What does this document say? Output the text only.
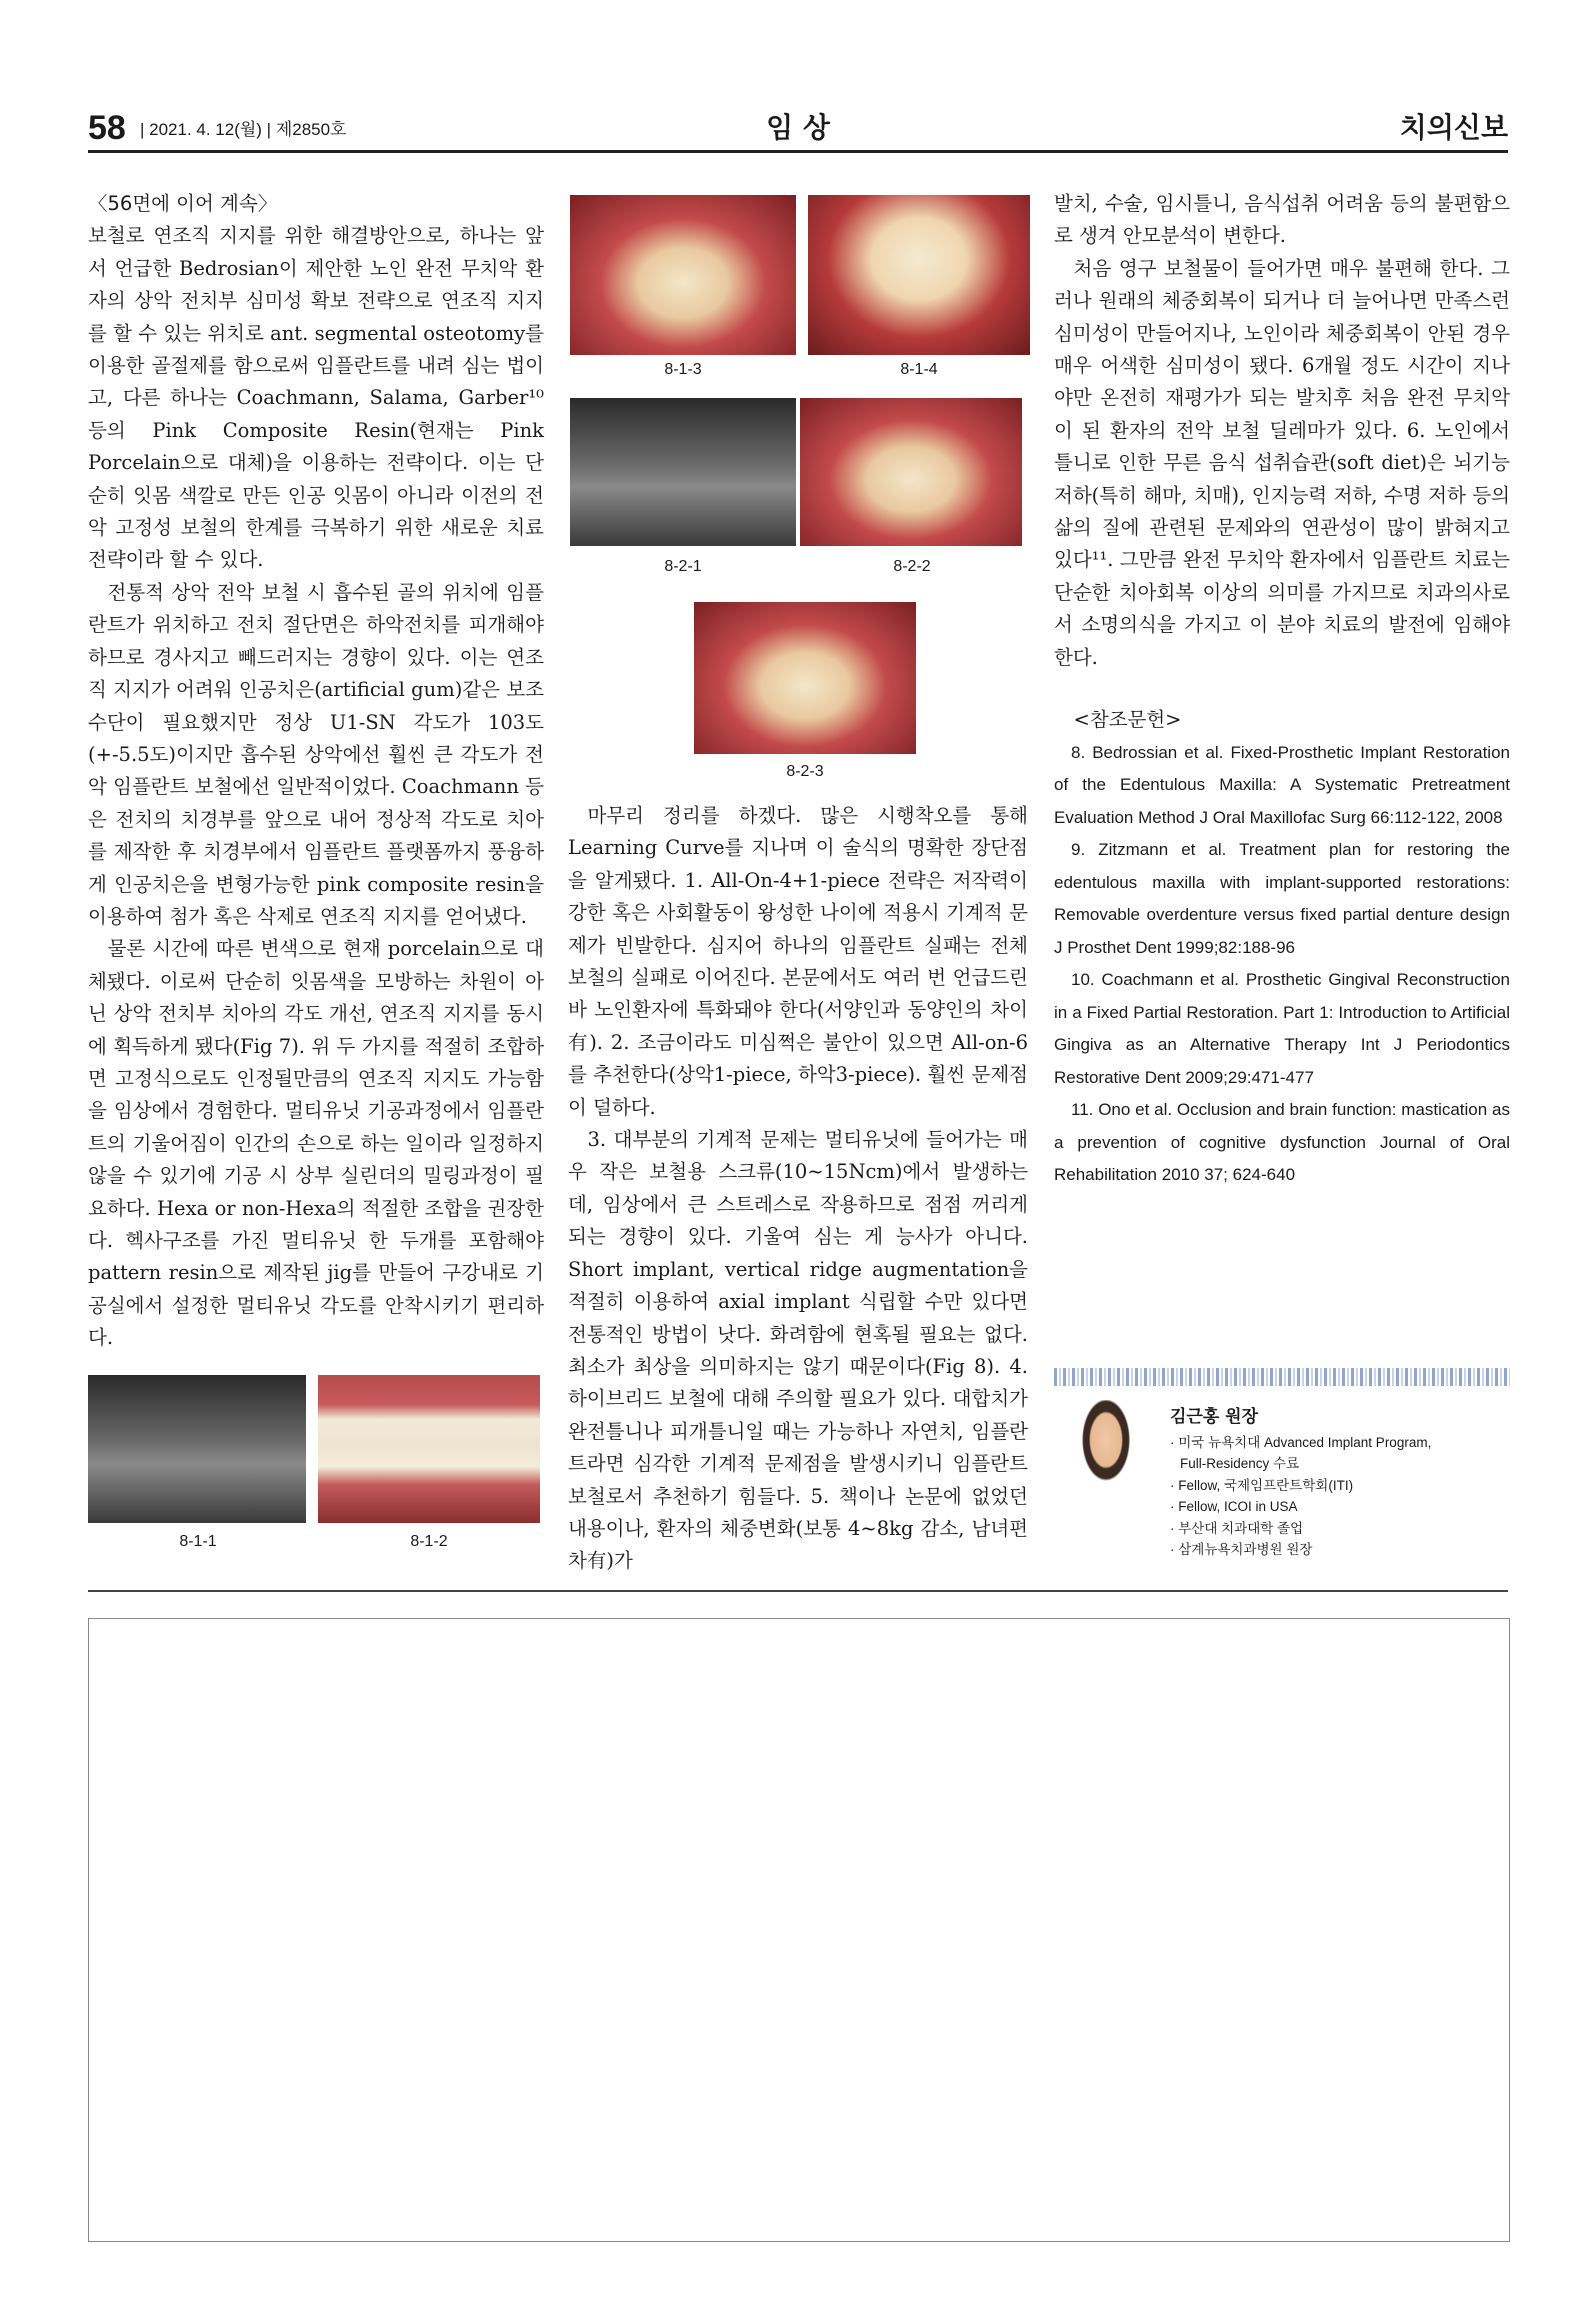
58 | 2021. 4. 12(월) | 제2850호	임 상	치의신보

〈56면에 이어 계속〉

보철로 연조직 지지를 위한 해결방안으로, 하나는 앞서 언급한 Bedrosian이 제안한 노인 완전 무치악 환자의 상악 전치부 심미성 확보 전략으로 연조직 지지를 할 수 있는 위치로 ant. segmental osteotomy를 이용한 골절제를 함으로써 임플란트를 내려 심는 법이고, 다른 하나는 Coachmann, Salama, Garber¹⁰ 등의 Pink Composite Resin(현재는 Pink Porcelain으로 대체)을 이용하는 전략이다. 이는 단순히 잇몸 색깔로 만든 인공 잇몸이 아니라 이전의 전악 고정성 보철의 한계를 극복하기 위한 새로운 치료 전략이라 할 수 있다.

전통적 상악 전악 보철 시 흡수된 골의 위치에 임플란트가 위치하고 전치 절단면은 하악전치를 피개해야 하므로 경사지고 빼드러지는 경향이 있다. 이는 연조직 지지가 어려워 인공치은(artificial gum)같은 보조 수단이 필요했지만 정상 U1-SN 각도가 103도(+-5.5도)이지만 흡수된 상악에선 훨씬 큰 각도가 전악 임플란트 보철에선 일반적이었다. Coachmann 등은 전치의 치경부를 앞으로 내어 정상적 각도로 치아를 제작한 후 치경부에서 임플란트 플랫폼까지 풍융하게 인공치은을 변형가능한 pink composite resin을 이용하여 첨가 혹은 삭제로 연조직 지지를 얻어냈다.

물론 시간에 따른 변색으로 현재 porcelain으로 대체됐다. 이로써 단순히 잇몸색을 모방하는 차원이 아닌 상악 전치부 치아의 각도 개선, 연조직 지지를 동시에 획득하게 됐다(Fig 7). 위 두 가지를 적절히 조합하면 고정식으로도 인정될만큼의 연조직 지지도 가능함을 임상에서 경험한다. 멀티유닛 기공과정에서 임플란트의 기울어짐이 인간의 손으로 하는 일이라 일정하지 않을 수 있기에 기공 시 상부 실린더의 밀링과정이 필요하다. Hexa or non-Hexa의 적절한 조합을 권장한다. 헥사구조를 가진 멀티유닛 한 두개를 포함해야 pattern resin으로 제작된 jig를 만들어 구강내로 기공실에서 설정한 멀티유닛 각도를 안착시키기 편리하다.

8-1-1	8-1-2
8-1-3	8-1-4
8-2-1	8-2-2
8-2-3

마무리 정리를 하겠다. 많은 시행착오를 통해 Learning Curve를 지나며 이 술식의 명확한 장단점을 알게됐다. 1. All-On-4+1-piece 전략은 저작력이 강한 혹은 사회활동이 왕성한 나이에 적용시 기계적 문제가 빈발한다. 심지어 하나의 임플란트 실패는 전체 보철의 실패로 이어진다. 본문에서도 여러 번 언급드린 바 노인환자에 특화돼야 한다(서양인과 동양인의 차이有). 2. 조금이라도 미심쩍은 불안이 있으면 All-on-6를 추천한다(상악1-piece, 하악3-piece). 훨씬 문제점이 덜하다.

3. 대부분의 기계적 문제는 멀티유닛에 들어가는 매우 작은 보철용 스크류(10~15Ncm)에서 발생하는데, 임상에서 큰 스트레스로 작용하므로 점점 꺼리게 되는 경향이 있다. 기울여 심는 게 능사가 아니다. Short implant, vertical ridge augmentation을 적절히 이용하여 axial implant 식립할 수만 있다면 전통적인 방법이 낫다. 화려함에 현혹될 필요는 없다. 최소가 최상을 의미하지는 않기 때문이다(Fig 8). 4. 하이브리드 보철에 대해 주의할 필요가 있다. 대합치가 완전틀니나 피개틀니일 때는 가능하나 자연치, 임플란트라면 심각한 기계적 문제점을 발생시키니 임플란트 보철로서 추천하기 힘들다. 5. 책이나 논문에 없었던 내용이나, 환자의 체중변화(보통 4~8kg 감소, 남녀편차有)가

발치, 수술, 임시틀니, 음식섭취 어려움 등의 불편함으로 생겨 안모분석이 변한다.

처음 영구 보철물이 들어가면 매우 불편해 한다. 그러나 원래의 체중회복이 되거나 더 늘어나면 만족스런 심미성이 만들어지나, 노인이라 체중회복이 안된 경우 매우 어색한 심미성이 됐다. 6개월 정도 시간이 지나야만 온전히 재평가가 되는 발치후 처음 완전 무치악이 된 환자의 전악 보철 딜레마가 있다. 6. 노인에서 틀니로 인한 무른 음식 섭취습관(soft diet)은 뇌기능 저하(특히 해마, 치매), 인지능력 저하, 수명 저하 등의 삶의 질에 관련된 문제와의 연관성이 많이 밝혀지고 있다¹¹. 그만큼 완전 무치악 환자에서 임플란트 치료는 단순한 치아회복 이상의 의미를 가지므로 치과의사로서 소명의식을 가지고 이 분야 치료의 발전에 임해야 한다.

<참조문헌>

8. Bedrossian et al. Fixed-Prosthetic Implant Restoration of the Edentulous Maxilla: A Systematic Pretreatment Evaluation Method J Oral Maxillofac Surg 66:112-122, 2008

9. Zitzmann et al. Treatment plan for restoring the edentulous maxilla with implant-supported restorations: Removable overdenture versus fixed partial denture design J Prosthet Dent 1999;82:188-96

10. Coachmann et al. Prosthetic Gingival Reconstruction in a Fixed Partial Restoration. Part 1: Introduction to Artificial Gingiva as an Alternative Therapy Int J Periodontics Restorative Dent 2009;29:471-477

11. Ono et al. Occlusion and brain function: mastication as a prevention of cognitive dysfunction Journal of Oral Rehabilitation 2010 37; 624-640

김근홍 원장
· 미국 뉴욕치대 Advanced Implant Program,
Full-Residency 수료
· Fellow, 국제임프란트학회(ITI)
· Fellow, ICOI in USA
· 부산대 치과대학 졸업
· 삼계뉴욕치과병원 원장
